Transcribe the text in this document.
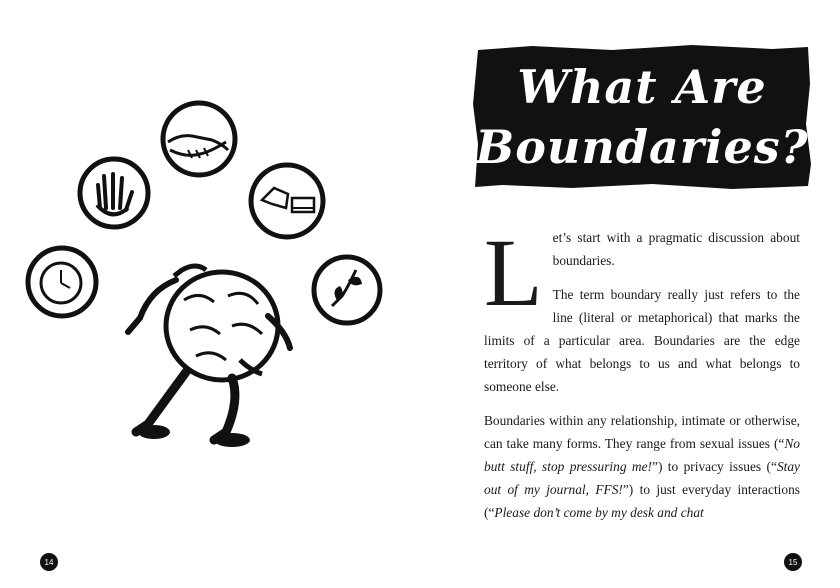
14
What Are
Boundaries?

Let’s start with a pragmatic discussion about boundaries.

The term boundary really just refers to the line (literal or metaphorical) that marks the limits of a particular area. Boundaries are the edge territory of what belongs to us and what belongs to someone else.

Boundaries within any relationship, intimate or otherwise, can take many forms. They range from sexual issues (“No butt stuff, stop pressuring me!”) to privacy issues (“Stay out of my journal, FFS!”) to just everyday interactions (“Please don’t come by my desk and chat

15
